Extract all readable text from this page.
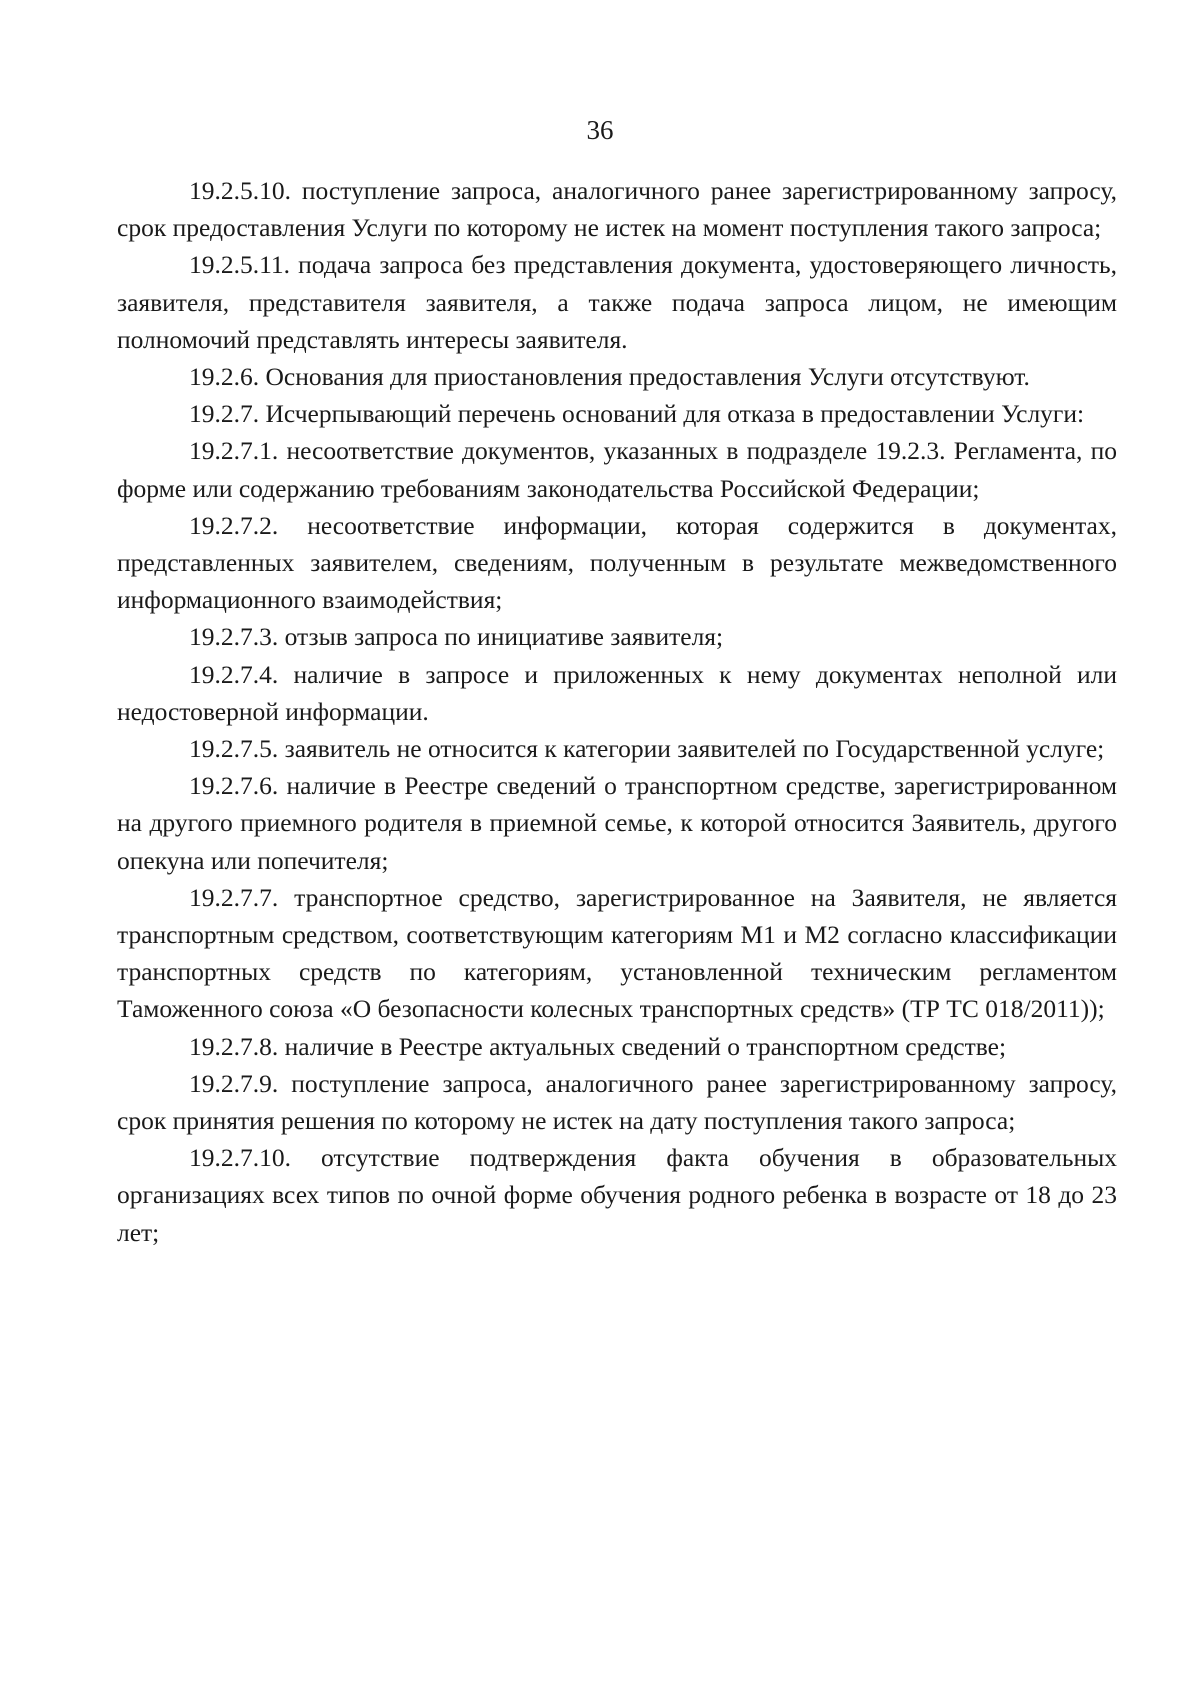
36

19.2.5.10. поступление запроса, аналогичного ранее зарегистрированному запросу, срок предоставления Услуги по которому не истек на момент поступления такого запроса;

19.2.5.11. подача запроса без представления документа, удостоверяющего личность, заявителя, представителя заявителя, а также подача запроса лицом, не имеющим полномочий представлять интересы заявителя.

19.2.6. Основания для приостановления предоставления Услуги отсутствуют.

19.2.7. Исчерпывающий перечень оснований для отказа в предоставлении Услуги:

19.2.7.1. несоответствие документов, указанных в подразделе 19.2.3. Регламента, по форме или содержанию требованиям законодательства Российской Федерации;

19.2.7.2. несоответствие информации, которая содержится в документах, представленных заявителем, сведениям, полученным в результате межведомственного информационного взаимодействия;

19.2.7.3. отзыв запроса по инициативе заявителя;

19.2.7.4. наличие в запросе и приложенных к нему документах неполной или недостоверной информации.

19.2.7.5. заявитель не относится к категории заявителей по Государственной услуге;

19.2.7.6. наличие в Реестре сведений о транспортном средстве, зарегистрированном на другого приемного родителя в приемной семье, к которой относится Заявитель, другого опекуна или попечителя;

19.2.7.7. транспортное средство, зарегистрированное на Заявителя, не является транспортным средством, соответствующим категориям М1 и М2 согласно классификации транспортных средств по категориям, установленной техническим регламентом Таможенного союза «О безопасности колесных транспортных средств» (ТР ТС 018/2011));

19.2.7.8. наличие в Реестре актуальных сведений о транспортном средстве;

19.2.7.9. поступление запроса, аналогичного ранее зарегистрированному запросу, срок принятия решения по которому не истек на дату поступления такого запроса;

19.2.7.10. отсутствие подтверждения факта обучения в образовательных организациях всех типов по очной форме обучения родного ребенка в возрасте от 18 до 23 лет;
